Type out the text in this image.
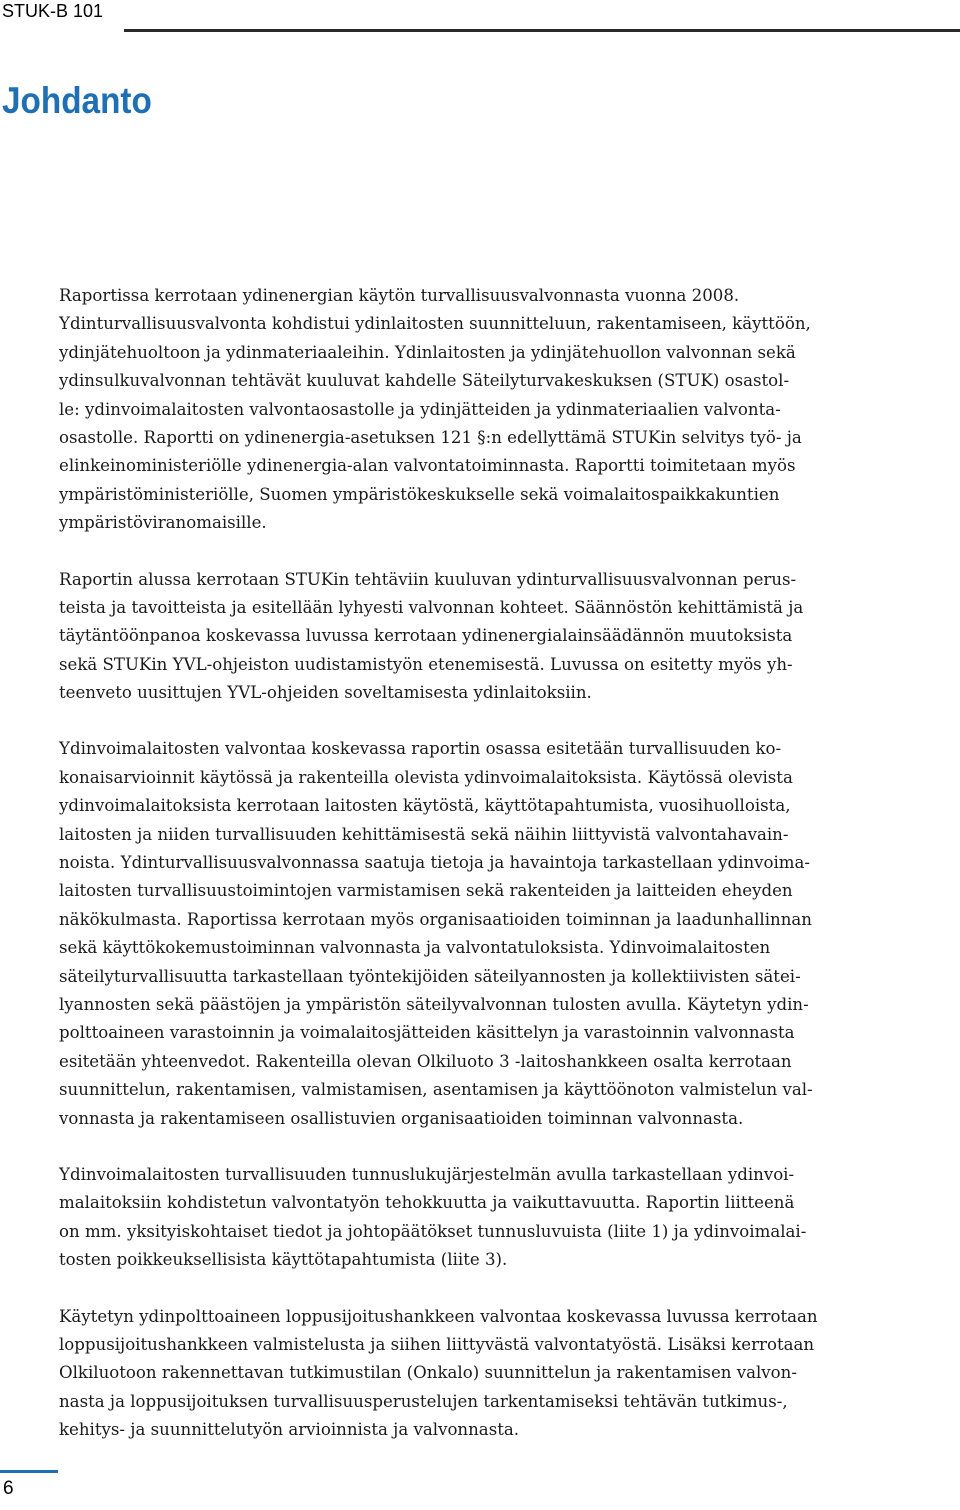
STUK-B 101
Johdanto

Raportissa kerrotaan ydinenergian käytön turvallisuusvalvonnasta vuonna 2008.
Ydinturvallisuusvalvonta kohdistui ydinlaitosten suunnitteluun, rakentamiseen, käyttöön,
ydinjätehuoltoon ja ydinmateriaaleihin. Ydinlaitosten ja ydinjätehuollon valvonnan sekä
ydinsulkuvalvonnan tehtävät kuuluvat kahdelle Säteilyturvakeskuksen (STUK) osastol-
le: ydinvoimalaitosten valvontaosastolle ja ydinjätteiden ja ydinmateriaalien valvonta-
osastolle. Raportti on ydinenergia-asetuksen 121 §:n edellyttämä STUKin selvitys työ- ja
elinkeinoministeriölle ydinenergia-alan valvontatoiminnasta. Raportti toimitetaan myös
ympäristöministeriölle, Suomen ympäristökeskukselle sekä voimalaitospaikkakuntien
ympäristöviranomaisille.

Raportin alussa kerrotaan STUKin tehtäviin kuuluvan ydinturvallisuusvalvonnan perus-
teista ja tavoitteista ja esitellään lyhyesti valvonnan kohteet. Säännöstön kehittämistä ja
täytäntöönpanoa koskevassa luvussa kerrotaan ydinenergialainsäädännön muutoksista
sekä STUKin YVL-ohjeiston uudistamistyön etenemisestä. Luvussa on esitetty myös yh-
teenveto uusittujen YVL-ohjeiden soveltamisesta ydinlaitoksiin.

Ydinvoimalaitosten valvontaa koskevassa raportin osassa esitetään turvallisuuden ko-
konaisarvioinnit käytössä ja rakenteilla olevista ydinvoimalaitoksista. Käytössä olevista
ydinvoimalaitoksista kerrotaan laitosten käytöstä, käyttötapahtumista, vuosihuolloista,
laitosten ja niiden turvallisuuden kehittämisestä sekä näihin liittyvistä valvontahavain-
noista. Ydinturvallisuusvalvonnassa saatuja tietoja ja havaintoja tarkastellaan ydinvoima-
laitosten turvallisuustoimintojen varmistamisen sekä rakenteiden ja laitteiden eheyden
näkökulmasta. Raportissa kerrotaan myös organisaatioiden toiminnan ja laadunhallinnan
sekä käyttökokemustoiminnan valvonnasta ja valvontatuloksista. Ydinvoimalaitosten
säteilyturvallisuutta tarkastellaan työntekijöiden säteilyannosten ja kollektiivisten sätei-
lyannosten sekä päästöjen ja ympäristön säteilyvalvonnan tulosten avulla. Käytetyn ydin-
polttoaineen varastoinnin ja voimalaitosjätteiden käsittelyn ja varastoinnin valvonnasta
esitetään yhteenvedot. Rakenteilla olevan Olkiluoto 3 -laitoshankkeen osalta kerrotaan
suunnittelun, rakentamisen, valmistamisen, asentamisen ja käyttöönoton valmistelun val-
vonnasta ja rakentamiseen osallistuvien organisaatioiden toiminnan valvonnasta.

Ydinvoimalaitosten turvallisuuden tunnuslukujärjestelmän avulla tarkastellaan ydinvoi-
malaitoksiin kohdistetun valvontatyön tehokkuutta ja vaikuttavuutta. Raportin liitteenä
on mm. yksityiskohtaiset tiedot ja johtopäätökset tunnusluvuista (liite 1) ja ydinvoimalai-
tosten poikkeuksellisista käyttötapahtumista (liite 3).

Käytetyn ydinpolttoaineen loppusijoitushankkeen valvontaa koskevassa luvussa kerrotaan
loppusijoitushankkeen valmistelusta ja siihen liittyvästä valvontatyöstä. Lisäksi kerrotaan
Olkiluotoon rakennettavan tutkimustilan (Onkalo) suunnittelun ja rakentamisen valvon-
nasta ja loppusijoituksen turvallisuusperustelujen tarkentamiseksi tehtävän tutkimus-,
kehitys- ja suunnittelutyön arvioinnista ja valvonnasta.

6
